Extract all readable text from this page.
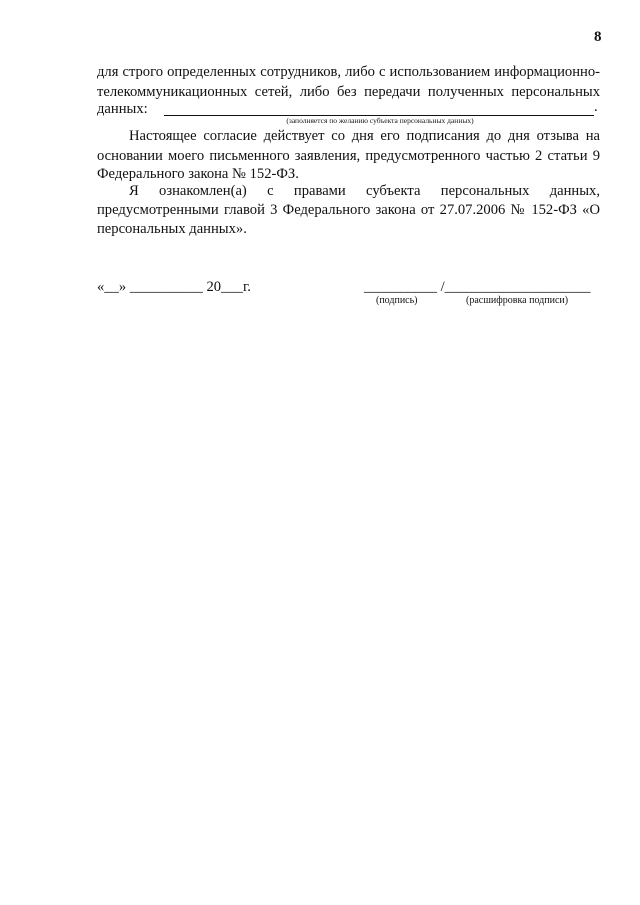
8
для строго определенных сотрудников, либо с использованием информационно-
телекоммуникационных сетей, либо без передачи полученных персональных
данных:	.
(заполняется по желанию субъекта персональных данных)
Настоящее согласие действует со дня его подписания до дня отзыва на
основании моего письменного заявления, предусмотренного частью 2 статьи 9
Федерального закона № 152-ФЗ.
Я ознакомлен(а) с правами субъекта персональных данных,
предусмотренными главой 3 Федерального закона от 27.07.2006 № 152-ФЗ «О
персональных данных».
«__» __________ 20___г.	__________ /____________________
(подпись)	(расшифровка подписи)
